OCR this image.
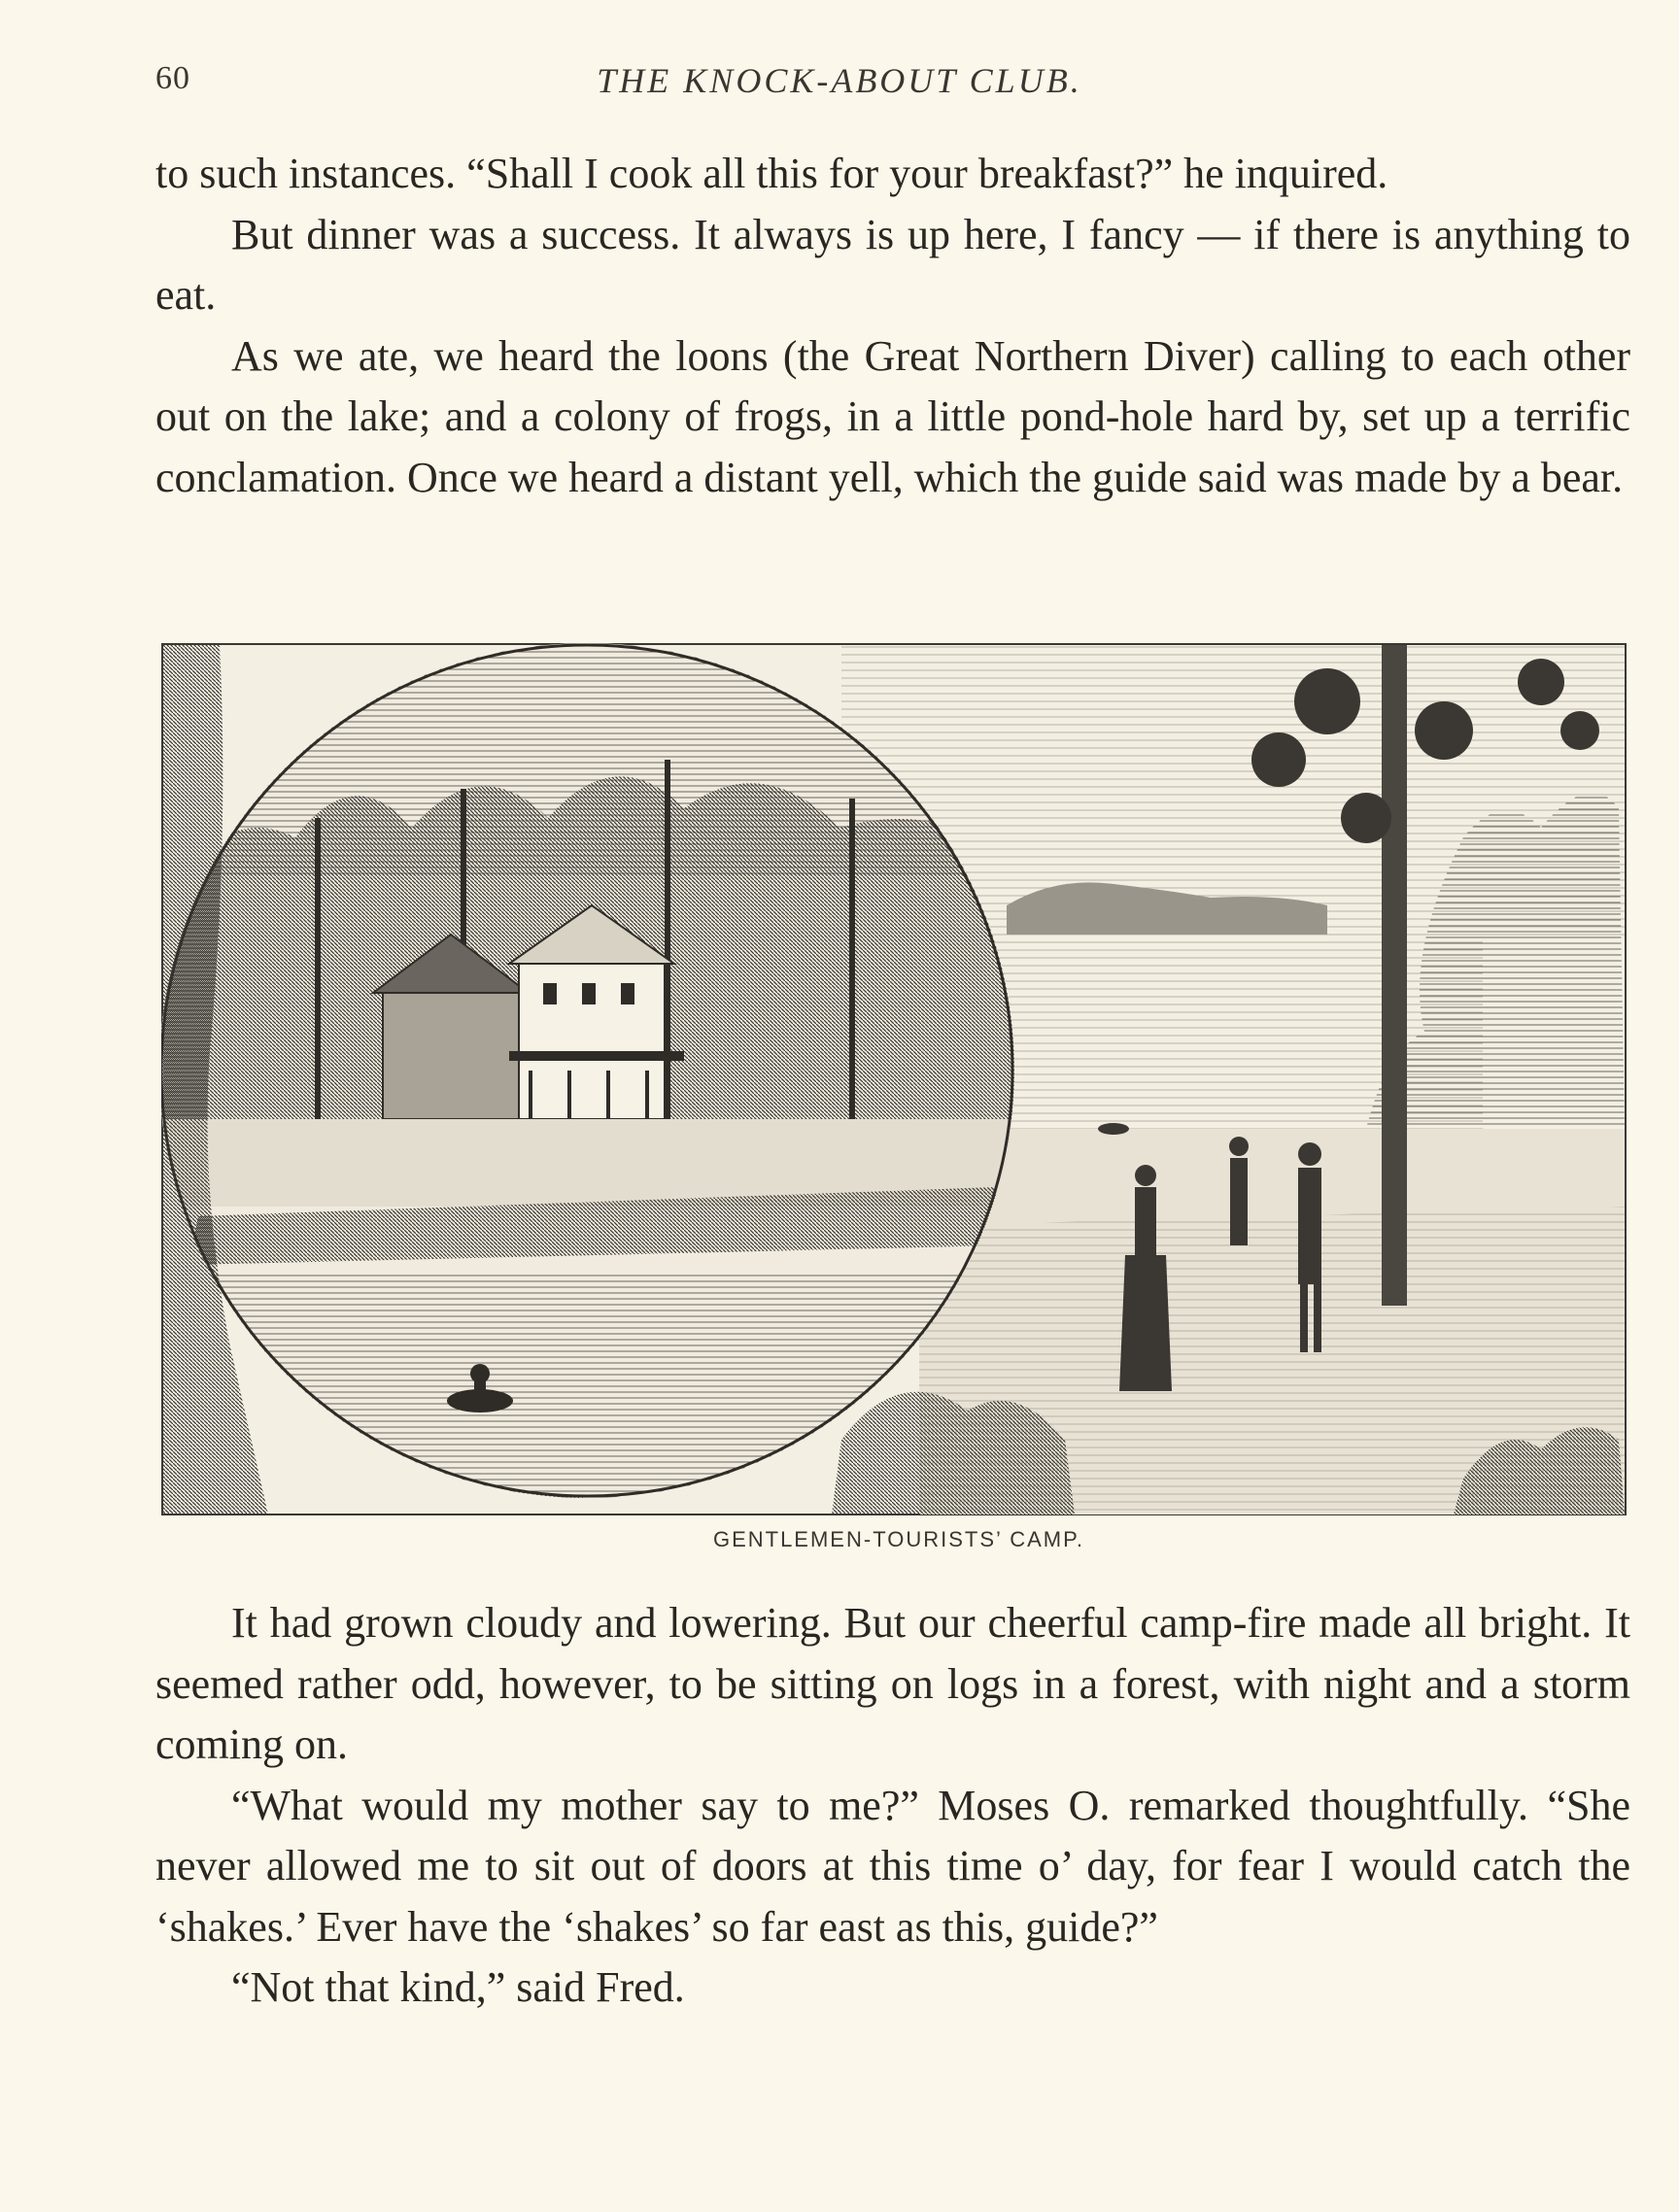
60	THE KNOCK-ABOUT CLUB.

to such instances. “Shall I cook all this for your breakfast?” he inquired.

But dinner was a success. It always is up here, I fancy — if there is anything to eat.

As we ate, we heard the loons (the Great Northern Diver) calling to each other out on the lake; and a colony of frogs, in a little pond-hole hard by, set up a terrific conclamation. Once we heard a distant yell, which the guide said was made by a bear.

GENTLEMEN-TOURISTS’ CAMP.

It had grown cloudy and lowering. But our cheerful camp-fire made all bright. It seemed rather odd, however, to be sitting on logs in a forest, with night and a storm coming on.

“What would my mother say to me?” Moses O. remarked thoughtfully. “She never allowed me to sit out of doors at this time o’ day, for fear I would catch the ‘shakes.’ Ever have the ‘shakes’ so far east as this, guide?”

“Not that kind,” said Fred.
